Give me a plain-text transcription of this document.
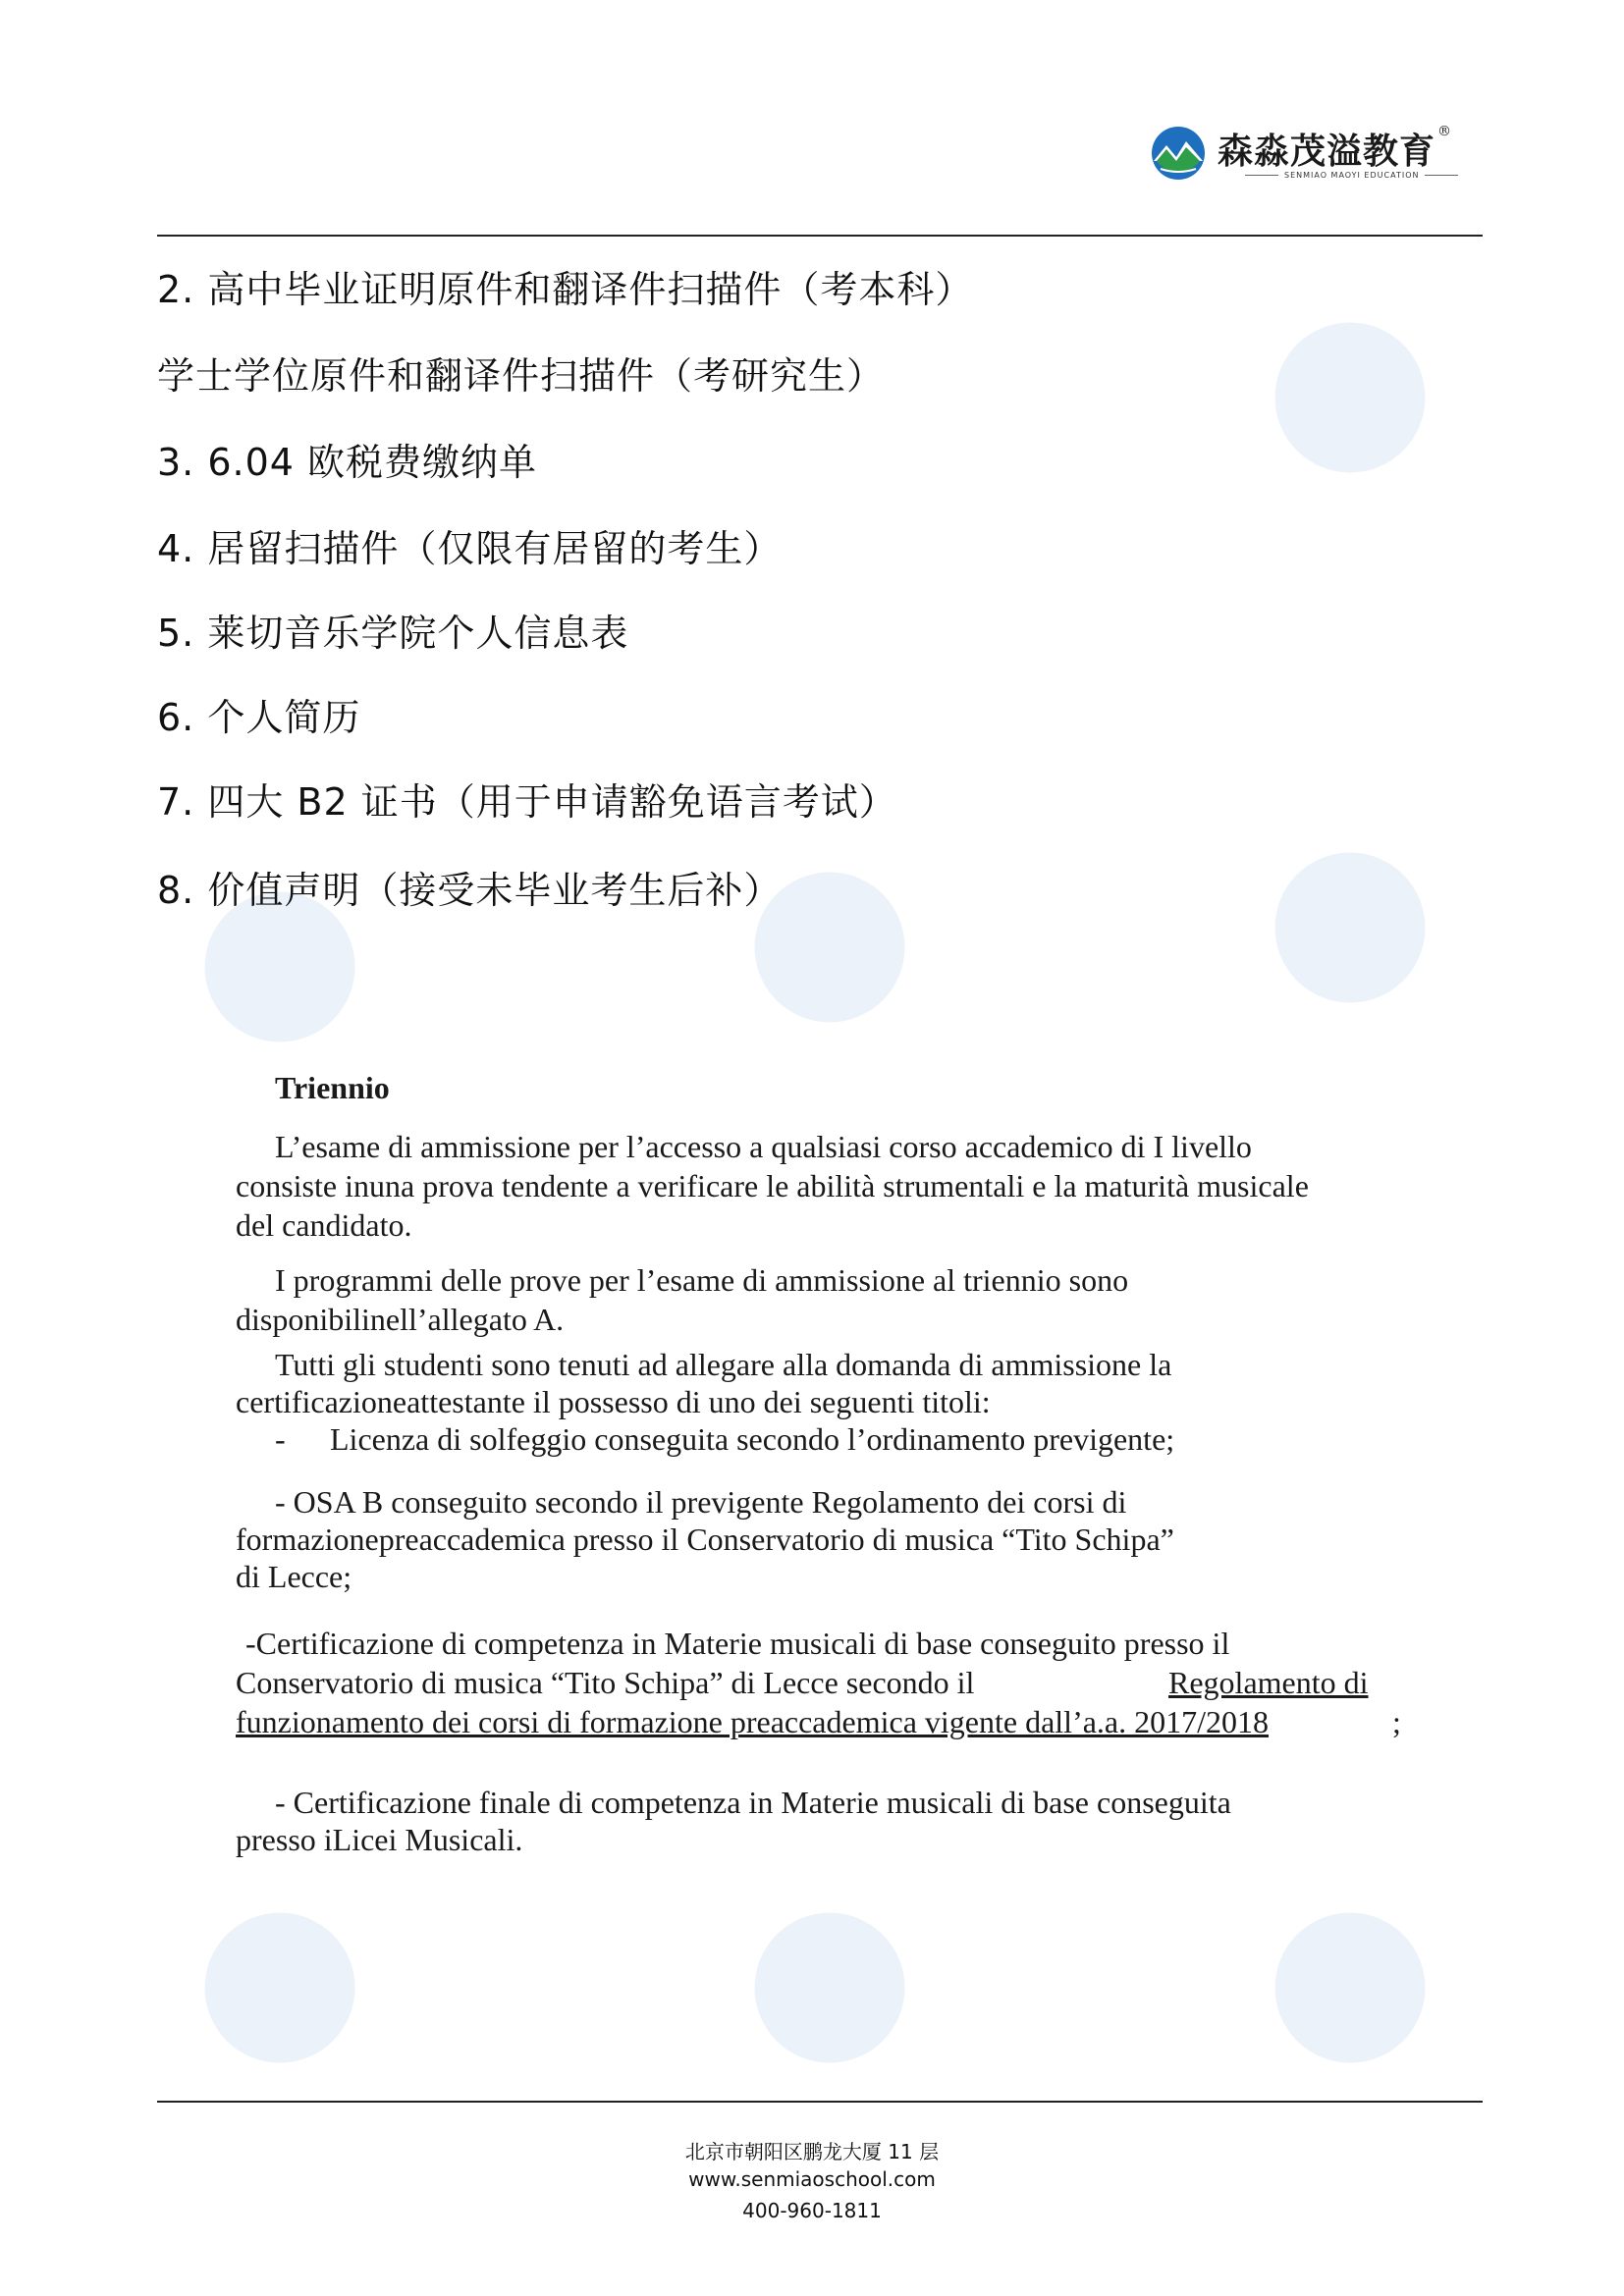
森淼茂溢教育 ®
SENMIAO MAOYI EDUCATION
2. 高中毕业证明原件和翻译件扫描件（考本科）
学士学位原件和翻译件扫描件（考研究生）
3. 6.04 欧税费缴纳单
4. 居留扫描件（仅限有居留的考生）
5. 莱切音乐学院个人信息表
6. 个人简历
7. 四大 B2 证书（用于申请豁免语言考试）
8. 价值声明（接受未毕业考生后补）
Triennio
L’esame di ammissione per l’accesso a qualsiasi corso accademico di I livello
consiste inuna prova tendente a verificare le abilità strumentali e la maturità musicale
del candidato.
I programmi delle prove per l’esame di ammissione al triennio sono
disponibilinell’allegato A.
Tutti gli studenti sono tenuti ad allegare alla domanda di ammissione la
certificazioneattestante il possesso di uno dei seguenti titoli:
- Licenza di solfeggio conseguita secondo l’ordinamento previgente;
- OSA B conseguito secondo il previgente Regolamento dei corsi di
formazionepreaccademica presso il Conservatorio di musica “Tito Schipa”
di Lecce;
-Certificazione di competenza in Materie musicali di base conseguito presso il
Conservatorio di musica “Tito Schipa” di Lecce secondo il	Regolamento di
funzionamento dei corsi di formazione preaccademica vigente dall’a.a. 2017/2018	;
- Certificazione finale di competenza in Materie musicali di base conseguita
presso iLicei Musicali.
北京市朝阳区鹏龙大厦 11 层
www.senmiaoschool.com
400-960-1811
